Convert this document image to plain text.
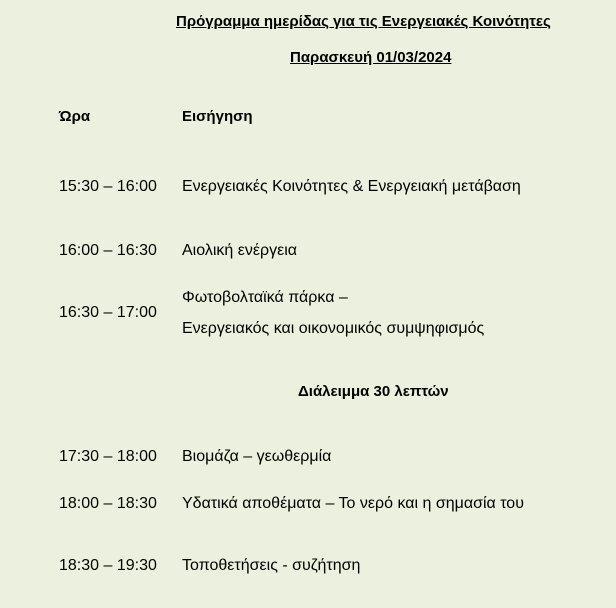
Πρόγραμμα ημερίδας για τις Ενεργειακές Κοινότητες
Παρασκευή 01/03/2024
Ώρα	Εισήγηση
15:30 – 16:00 Ενεργειακές Κοινότητες & Ενεργειακή μετάβαση
16:00 – 16:30 Αιολική ενέργεια
16:30 – 17:00
Φωτοβολταϊκά πάρκα –
Ενεργειακός και οικονομικός συμψηφισμός
Διάλειμμα 30 λεπτών
17:30 – 18:00 Βιομάζα – γεωθερμία
18:00 – 18:30 Υδατικά αποθέματα – Το νερό και η σημασία του
18:30 – 19:30 Τοποθετήσεις - συζήτηση
